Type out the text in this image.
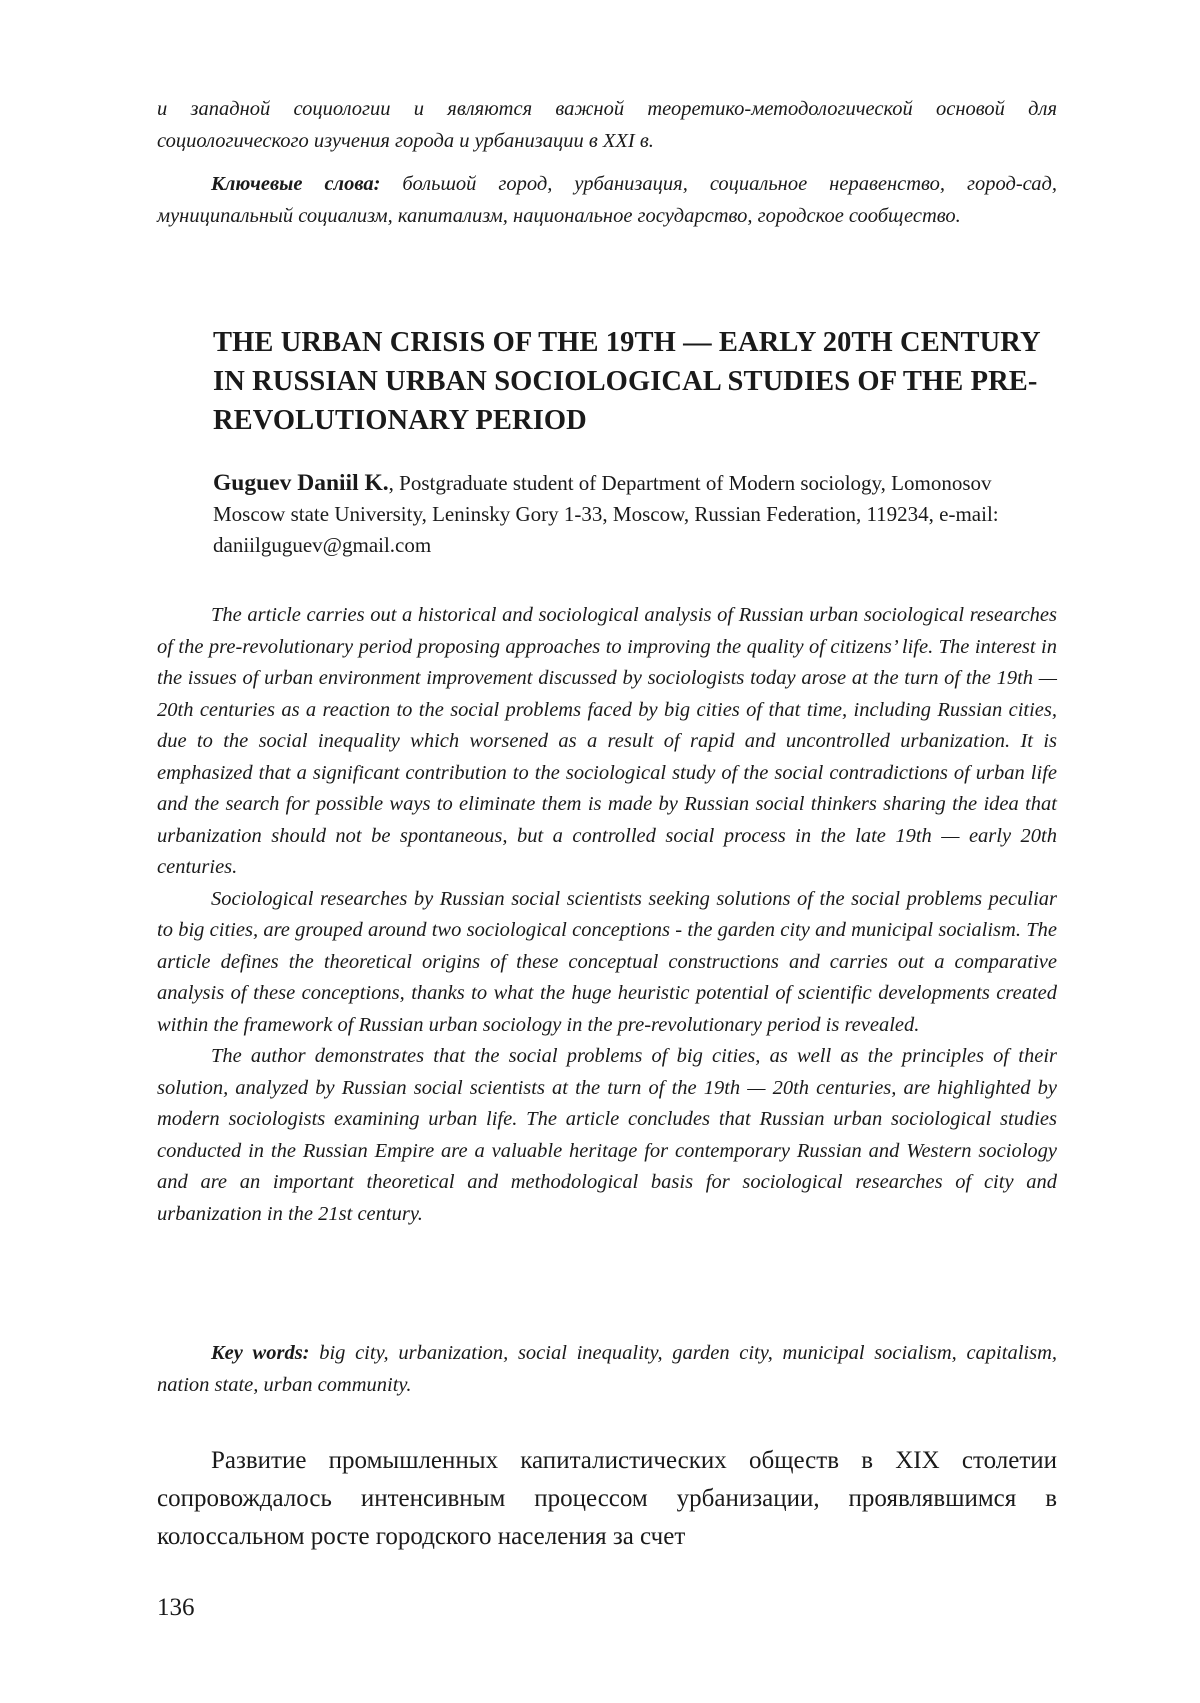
и западной социологии и являются важной теоретико-методологической основой для социологического изучения города и урбанизации в XXI в.

Ключевые слова: большой город, урбанизация, социальное неравенство, город-сад, муниципальный социализм, капитализм, национальное государство, городское сообщество.

THE URBAN CRISIS OF THE 19TH — EARLY 20TH CENTURY IN RUSSIAN URBAN SOCIOLOGICAL STUDIES OF THE PRE-REVOLUTIONARY PERIOD

Guguev Daniil K., Postgraduate student of Department of Modern sociology, Lomonosov Moscow state University, Leninsky Gory 1-33, Moscow, Russian Federation, 119234, e-mail: daniilguguev@gmail.com

The article carries out a historical and sociological analysis of Russian urban sociological researches of the pre-revolutionary period proposing approaches to improving the quality of citizens’ life. The interest in the issues of urban environment improvement discussed by sociologists today arose at the turn of the 19th — 20th centuries as a reaction to the social problems faced by big cities of that time, including Russian cities, due to the social inequality which worsened as a result of rapid and uncontrolled urbanization. It is emphasized that a significant contribution to the sociological study of the social contradictions of urban life and the search for possible ways to eliminate them is made by Russian social thinkers sharing the idea that urbanization should not be spontaneous, but a controlled social process in the late 19th — early 20th centuries.

Sociological researches by Russian social scientists seeking solutions of the social problems peculiar to big cities, are grouped around two sociological conceptions - the garden city and municipal socialism. The article defines the theoretical origins of these conceptual constructions and carries out a comparative analysis of these conceptions, thanks to what the huge heuristic potential of scientific developments created within the framework of Russian urban sociology in the pre-revolutionary period is revealed.

The author demonstrates that the social problems of big cities, as well as the principles of their solution, analyzed by Russian social scientists at the turn of the 19th — 20th centuries, are highlighted by modern sociologists examining urban life. The article concludes that Russian urban sociological studies conducted in the Russian Empire are a valuable heritage for contemporary Russian and Western sociology and are an important theoretical and methodological basis for sociological researches of city and urbanization in the 21st century.

Key words: big city, urbanization, social inequality, garden city, municipal socialism, capitalism, nation state, urban community.

Развитие промышленных капиталистических обществ в XIX столетии сопровождалось интенсивным процессом урбанизации, проявлявшимся в колоссальном росте городского населения за счет

136
